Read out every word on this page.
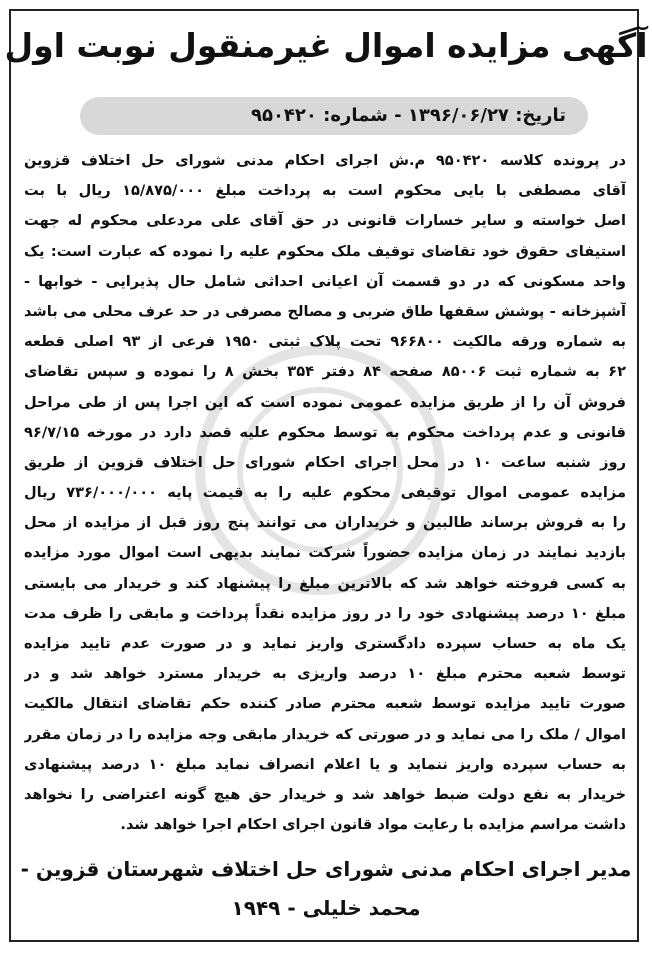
آگهی مزایده اموال غیرمنقول نوبت اول
تاریخ: ۱۳۹۶/۰۶/۲۷ - شماره: ۹۵۰۴۲۰
در پرونده کلاسه ۹۵۰۴۲۰ م.ش اجرای احکام مدنی شورای حل اختلاف قزوین
آقای مصطفی با بایی محکوم است به پرداخت مبلغ ۱۵/۸۷۵/۰۰۰ ریال با بت
اصل خواسته و سایر خسارات قانونی در حق آقای علی مردعلی محکوم له جهت
استیفای حقوق خود تقاضای توقیف ملک محکوم علیه را نموده که عبارت است: یک
واحد مسکونی که در دو قسمت آن اعیانی احداثی شامل حال پذیرایی - خوابها -
آشپزخانه - پوشش سقفها طاق ضربی و مصالح مصرفی در حد عرف محلی می باشد
به شماره ورقه مالکیت ۹۶۶۸۰۰ تحت پلاک ثبتی ۱۹۵۰ فرعی از ۹۳ اصلی قطعه
۶۲ به شماره ثبت ۸۵۰۰۶ صفحه ۸۴ دفتر ۳۵۴ بخش ۸ را نموده و سپس تقاضای
فروش آن را از طریق مزایده عمومی نموده است که این اجرا پس از طی مراحل
قانونی و عدم پرداخت محکوم به توسط محکوم علیه قصد دارد در مورخه ۹۶/۷/۱۵
روز شنبه ساعت ۱۰ در محل اجرای احکام شورای حل اختلاف قزوین از طریق
مزایده عمومی اموال توقیفی محکوم علیه را به قیمت پایه ۷۳۶/۰۰۰/۰۰۰ ریال
را به فروش برساند طالبین و خریداران می توانند پنج روز قبل از مزایده از محل
بازدید نمایند در زمان مزایده حضوراً شرکت نمایند بدیهی است اموال مورد مزایده
به کسی فروخته خواهد شد که بالاترین مبلغ را پیشنهاد کند و خریدار می بایستی
مبلغ ۱۰ درصد پیشنهادی خود را در روز مزایده نقداً پرداخت و مابقی را ظرف مدت
یک ماه به حساب سپرده دادگستری واریز نماید و در صورت عدم تایید مزایده
توسط شعبه محترم مبلغ ۱۰ درصد واریزی به خریدار مسترد خواهد شد و در
صورت تایید مزایده توسط شعبه محترم صادر کننده حکم تقاضای انتقال مالکیت
اموال / ملک را می نماید و در صورتی که خریدار مابقی وجه مزایده را در زمان مقرر
به حساب سپرده واریز ننماید و یا اعلام انصراف نماید مبلغ ۱۰ درصد پیشنهادی
خریدار به نفع دولت ضبط خواهد شد و خریدار حق هیچ گونه اعتراضی را نخواهد
داشت مراسم مزایده با رعایت مواد قانون اجرای احکام اجرا خواهد شد.
مدیر اجرای احکام مدنی شورای حل اختلاف شهرستان قزوین -
محمد خلیلی - ۱۹۴۹
